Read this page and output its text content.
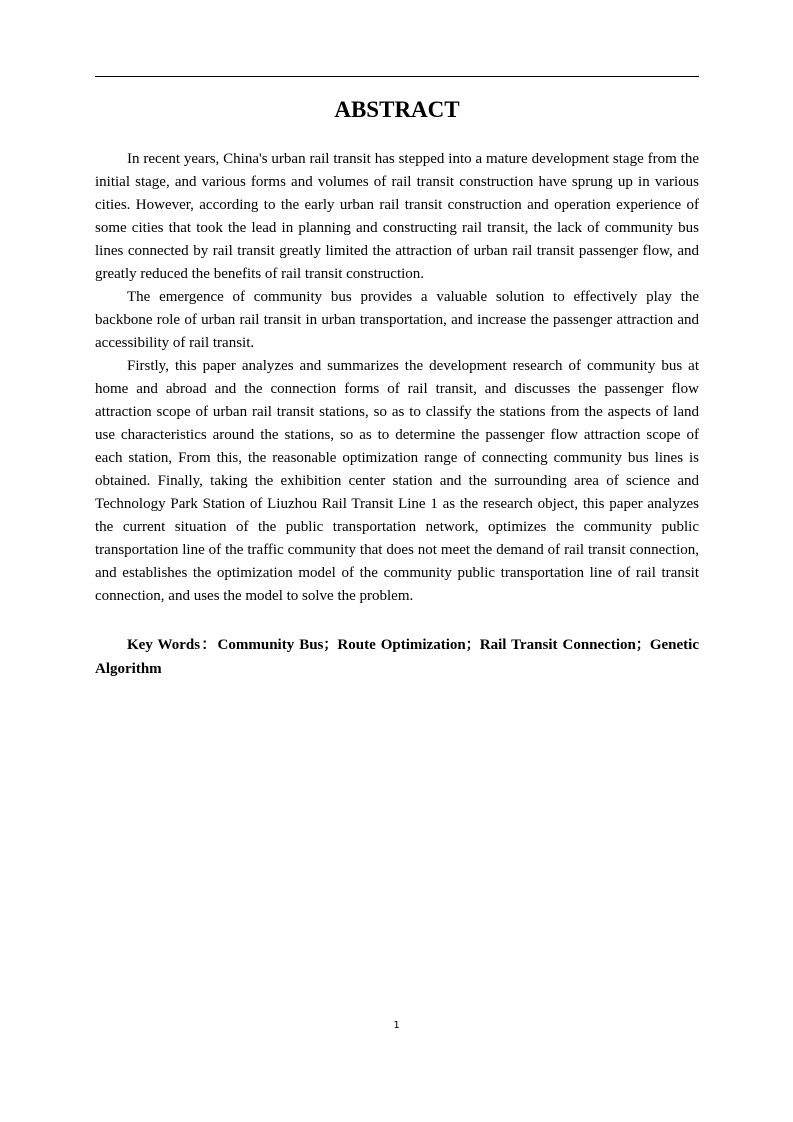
ABSTRACT

In recent years, China's urban rail transit has stepped into a mature development stage from the initial stage, and various forms and volumes of rail transit construction have sprung up in various cities. However, according to the early urban rail transit construction and operation experience of some cities that took the lead in planning and constructing rail transit, the lack of community bus lines connected by rail transit greatly limited the attraction of urban rail transit passenger flow, and greatly reduced the benefits of rail transit construction.

The emergence of community bus provides a valuable solution to effectively play the backbone role of urban rail transit in urban transportation, and increase the passenger attraction and accessibility of rail transit.

Firstly, this paper analyzes and summarizes the development research of community bus at home and abroad and the connection forms of rail transit, and discusses the passenger flow attraction scope of urban rail transit stations, so as to classify the stations from the aspects of land use characteristics around the stations, so as to determine the passenger flow attraction scope of each station, From this, the reasonable optimization range of connecting community bus lines is obtained. Finally, taking the exhibition center station and the surrounding area of science and Technology Park Station of Liuzhou Rail Transit Line 1 as the research object, this paper analyzes the current situation of the public transportation network, optimizes the community public transportation line of the traffic community that does not meet the demand of rail transit connection, and establishes the optimization model of the community public transportation line of rail transit connection, and uses the model to solve the problem.

Key Words：Community Bus；Route Optimization；Rail Transit Connection；Genetic Algorithm

1
